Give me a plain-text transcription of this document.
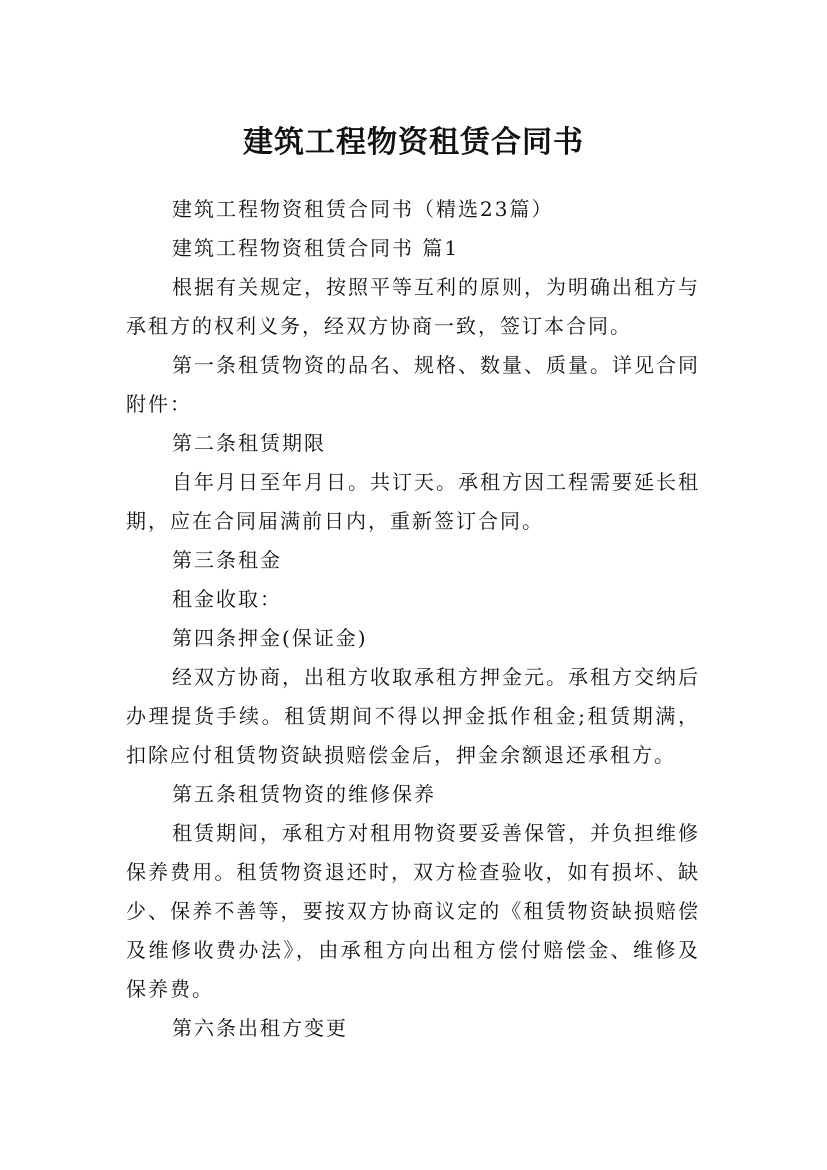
建筑工程物资租赁合同书

建筑工程物资租赁合同书（精选23篇）

建筑工程物资租赁合同书 篇1

根据有关规定，按照平等互利的原则，为明确出租方与承租方的权利义务，经双方协商一致，签订本合同。

第一条租赁物资的品名、规格、数量、质量。详见合同附件：

第二条租赁期限

自年月日至年月日。共订天。承租方因工程需要延长租期，应在合同届满前日内，重新签订合同。

第三条租金

租金收取：

第四条押金(保证金)

经双方协商，出租方收取承租方押金元。承租方交纳后办理提货手续。租赁期间不得以押金抵作租金;租赁期满，扣除应付租赁物资缺损赔偿金后，押金余额退还承租方。

第五条租赁物资的维修保养

租赁期间，承租方对租用物资要妥善保管，并负担维修保养费用。租赁物资退还时，双方检查验收，如有损坏、缺少、保养不善等，要按双方协商议定的《租赁物资缺损赔偿及维修收费办法》，由承租方向出租方偿付赔偿金、维修及保养费。

第六条出租方变更
